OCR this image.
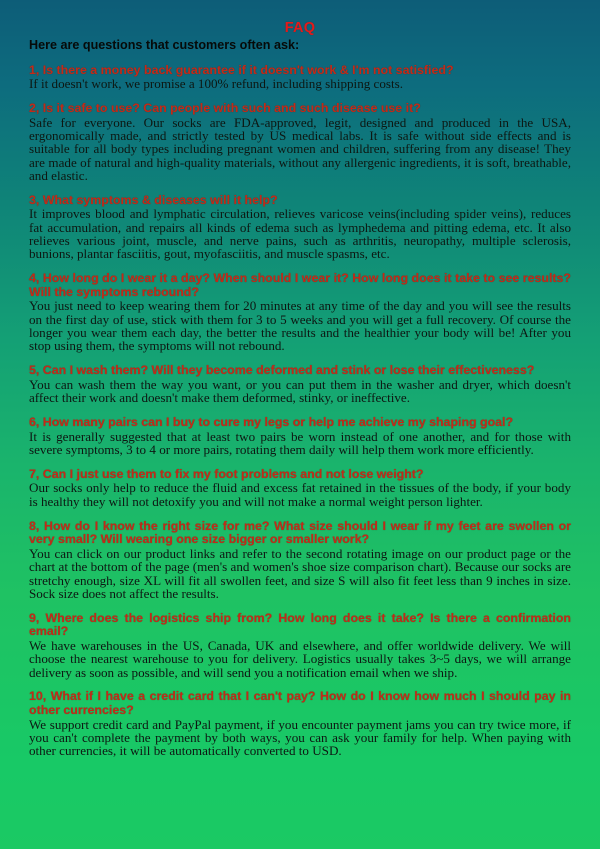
FAQ
Here are questions that customers often ask:
1, Is there a money back guarantee if it doesn't work & I'm not satisfied?
If it doesn't work, we promise a 100% refund, including shipping costs.
2, Is it safe to use? Can people with such and such disease use it?
Safe for everyone. Our socks are FDA-approved, legit, designed and produced in the USA, ergonomically made, and strictly tested by US medical labs. It is safe without side effects and is suitable for all body types including pregnant women and children, suffering from any disease! They are made of natural and high-quality materials, without any allergenic ingredients, it is soft, breathable, and elastic.
3, What symptoms & diseases will it help?
It improves blood and lymphatic circulation, relieves varicose veins(including spider veins), reduces fat accumulation, and repairs all kinds of edema such as lymphedema and pitting edema, etc. It also relieves various joint, muscle, and nerve pains, such as arthritis, neuropathy, multiple sclerosis, bunions, plantar fasciitis, gout, myofasciitis, and muscle spasms, etc.
4, How long do I wear it a day? When should I wear it? How long does it take to see results? Will the symptoms rebound?
You just need to keep wearing them for 20 minutes at any time of the day and you will see the results on the first day of use, stick with them for 3 to 5 weeks and you will get a full recovery. Of course the longer you wear them each day, the better the results and the healthier your body will be! After you stop using them, the symptoms will not rebound.
5, Can I wash them? Will they become deformed and stink or lose their effectiveness?
You can wash them the way you want, or you can put them in the washer and dryer, which doesn't affect their work and doesn't make them deformed, stinky, or ineffective.
6, How many pairs can I buy to cure my legs or help me achieve my shaping goal?
It is generally suggested that at least two pairs be worn instead of one another, and for those with severe symptoms, 3 to 4 or more pairs, rotating them daily will help them work more efficiently.
7, Can I just use them to fix my foot problems and not lose weight?
Our socks only help to reduce the fluid and excess fat retained in the tissues of the body, if your body is healthy they will not detoxify you and will not make a normal weight person lighter.
8, How do I know the right size for me? What size should I wear if my feet are swollen or very small? Will wearing one size bigger or smaller work?
You can click on our product links and refer to the second rotating image on our product page or the chart at the bottom of the page (men's and women's shoe size comparison chart). Because our socks are stretchy enough, size XL will fit all swollen feet, and size S will also fit feet less than 9 inches in size. Sock size does not affect the results.
9, Where does the logistics ship from? How long does it take? Is there a confirmation email?
We have warehouses in the US, Canada, UK and elsewhere, and offer worldwide delivery. We will choose the nearest warehouse to you for delivery. Logistics usually takes 3~5 days, we will arrange delivery as soon as possible, and will send you a notification email when we ship.
10, What if I have a credit card that I can't pay? How do I know how much I should pay in other currencies?
We support credit card and PayPal payment, if you encounter payment jams you can try twice more, if you can't complete the payment by both ways, you can ask your family for help. When paying with other currencies, it will be automatically converted to USD.
